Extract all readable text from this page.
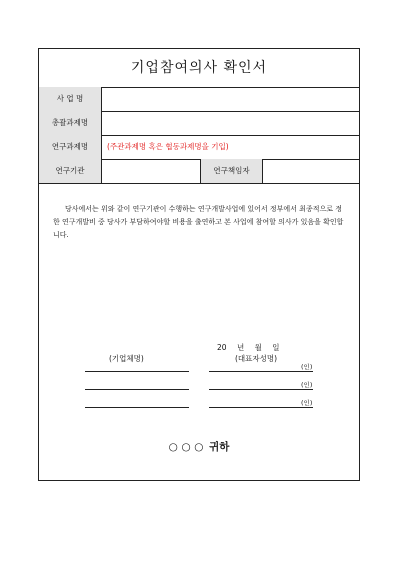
기업참여의사 확인서
사 업 명
총괄과제명
연구과제명	(주관과제명 혹은 협동과제명을 기입)
연구기관	연구책임자
당사에서는 위와 같이 연구기관이 수행하는 연구개발사업에 있어서 정부에서 최종적으로 정한 연구개발비 중 당사가 부담하여야할 비용을 출연하고 본 사업에 참여할 의사가 있음을 확인합니다.
20 년 월 일
(기업체명)	(대표자성명)
(인)
(인)
(인)
○ ○ ○ 귀하
